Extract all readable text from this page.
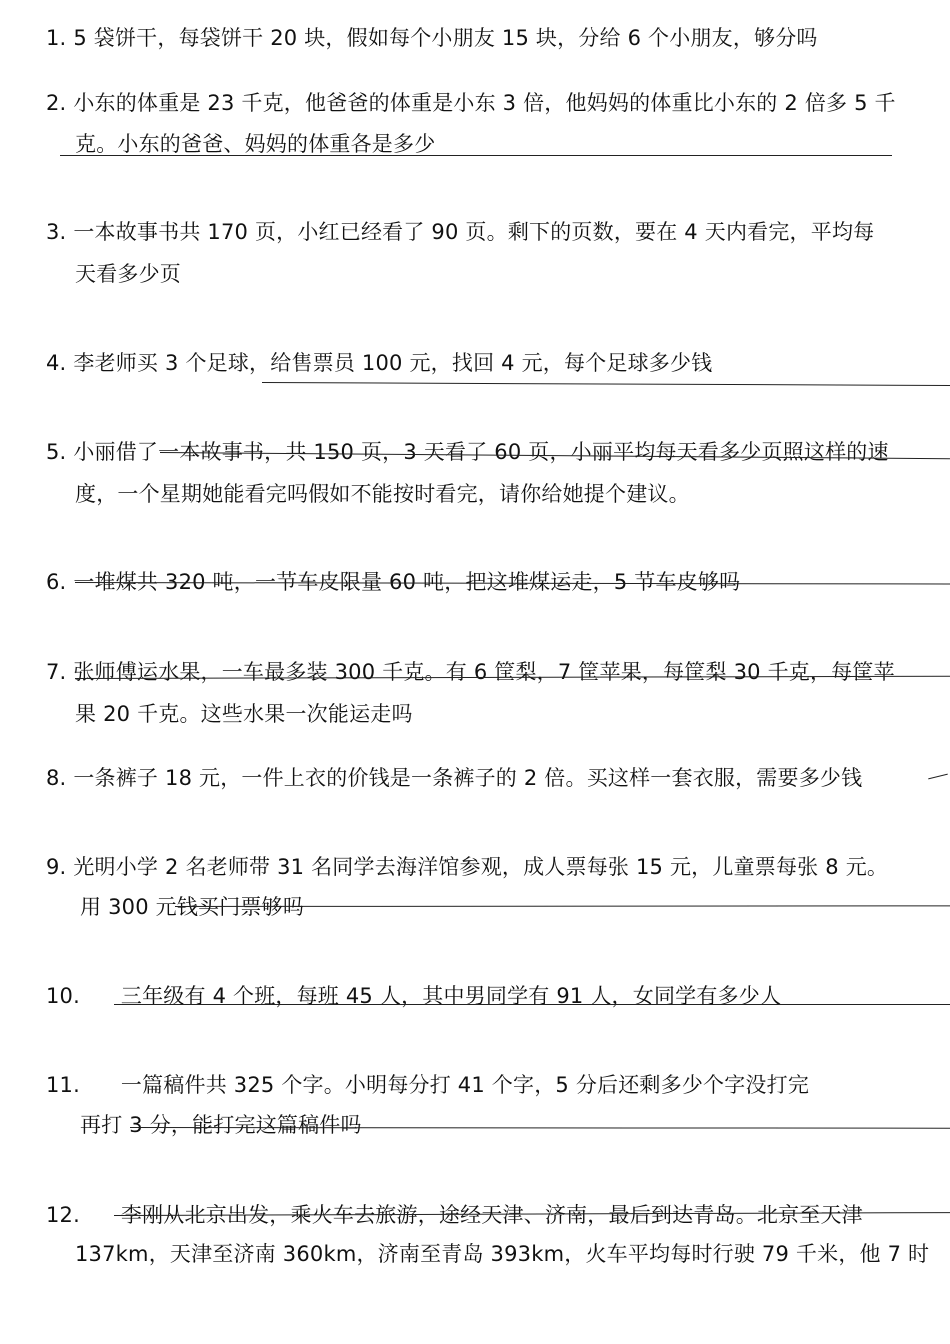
1. 5 袋饼干，每袋饼干 20 块，假如每个小朋友 15 块，分给 6 个小朋友，够分吗
2. 小东的体重是 23 千克，他爸爸的体重是小东 3 倍，他妈妈的体重比小东的 2 倍多 5 千
克。小东的爸爸、妈妈的体重各是多少
3. 一本故事书共 170 页，小红已经看了 90 页。剩下的页数，要在 4 天内看完，平均每
天看多少页
4. 李老师买 3 个足球，给售票员 100 元，找回 4 元，每个足球多少钱
5. 小丽借了一本故事书，共 150 页，3 天看了 60 页，小丽平均每天看多少页照这样的速
度，一个星期她能看完吗假如不能按时看完，请你给她提个建议。
6. 一堆煤共 320 吨，一节车皮限量 60 吨，把这堆煤运走，5 节车皮够吗
7. 张师傅运水果，一车最多装 300 千克。有 6 筐梨，7 筐苹果，每筐梨 30 千克，每筐苹
果 20 千克。这些水果一次能运走吗
8. 一条裤子 18 元，一件上衣的价钱是一条裤子的 2 倍。买这样一套衣服，需要多少钱
9. 光明小学 2 名老师带 31 名同学去海洋馆参观，成人票每张 15 元，儿童票每张 8 元。
用 300 元钱买门票够吗
10. 三年级有 4 个班，每班 45 人，其中男同学有 91 人，女同学有多少人
11. 一篇稿件共 325 个字。小明每分打 41 个字，5 分后还剩多少个字没打完
再打 3 分，能打完这篇稿件吗
12. 李刚从北京出发，乘火车去旅游，途经天津、济南，最后到达青岛。北京至天津
137km，天津至济南 360km，济南至青岛 393km，火车平均每时行驶 79 千米，他 7 时
